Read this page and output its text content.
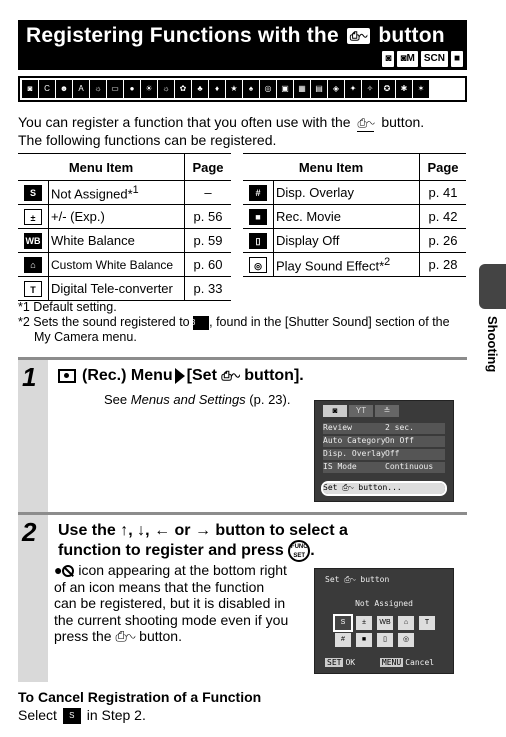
Registering Functions with the ⎙∿ button
◙ ◙M SCN ■
◙	C	☻	A	☼	▭	●	☀	☼	✿	♣	♦	★	♠	◎	▣	▦	▤	◈	✦	✧	✪	✱	✶
You can register a function that you often use with the ⎙∿ button.
The following functions can be registered.
Menu Item		Page
S	Not Assigned*$^1$	–
±	+/- (Exp.)	p. 56
WB	White Balance	p. 59
⌂	Custom White Balance	p. 60
T	Digital Tele-converter	p. 33
Menu Item		Page
#	Disp. Overlay	p. 41
■	Rec. Movie	p. 42
▯	Display Off	p. 26
◎	Play Sound Effect*$^2$	p. 28
*1 Default setting.
*2 Sets the sound registered to 3 , found in the [Shutter Sound] section of the My Camera menu.
1	(Rec.) Menu [Set ⎙∿ button].
See Menus and Settings (p. 23).
◙	YT	≗
Review	2 sec.
Auto Category On Off
Disp. Overlay Off
IS Mode	Continuous
Set ⎙∿ button...
2 Use the ↑, ↓, ← or → button to select a
function to register and press FUNC SET .
Set ⎙∿ button
Not Assigned
S	±	WB	⌂	T
#	■	▯	◎
SET OK	MENU Cancel
● icon appearing at the bottom right of an icon means that the function can be registered, but it is disabled in the current shooting mode even if you press the ⎙∿ button.
Shooting
To Cancel Registration of a Function
Select S in Step 2.
